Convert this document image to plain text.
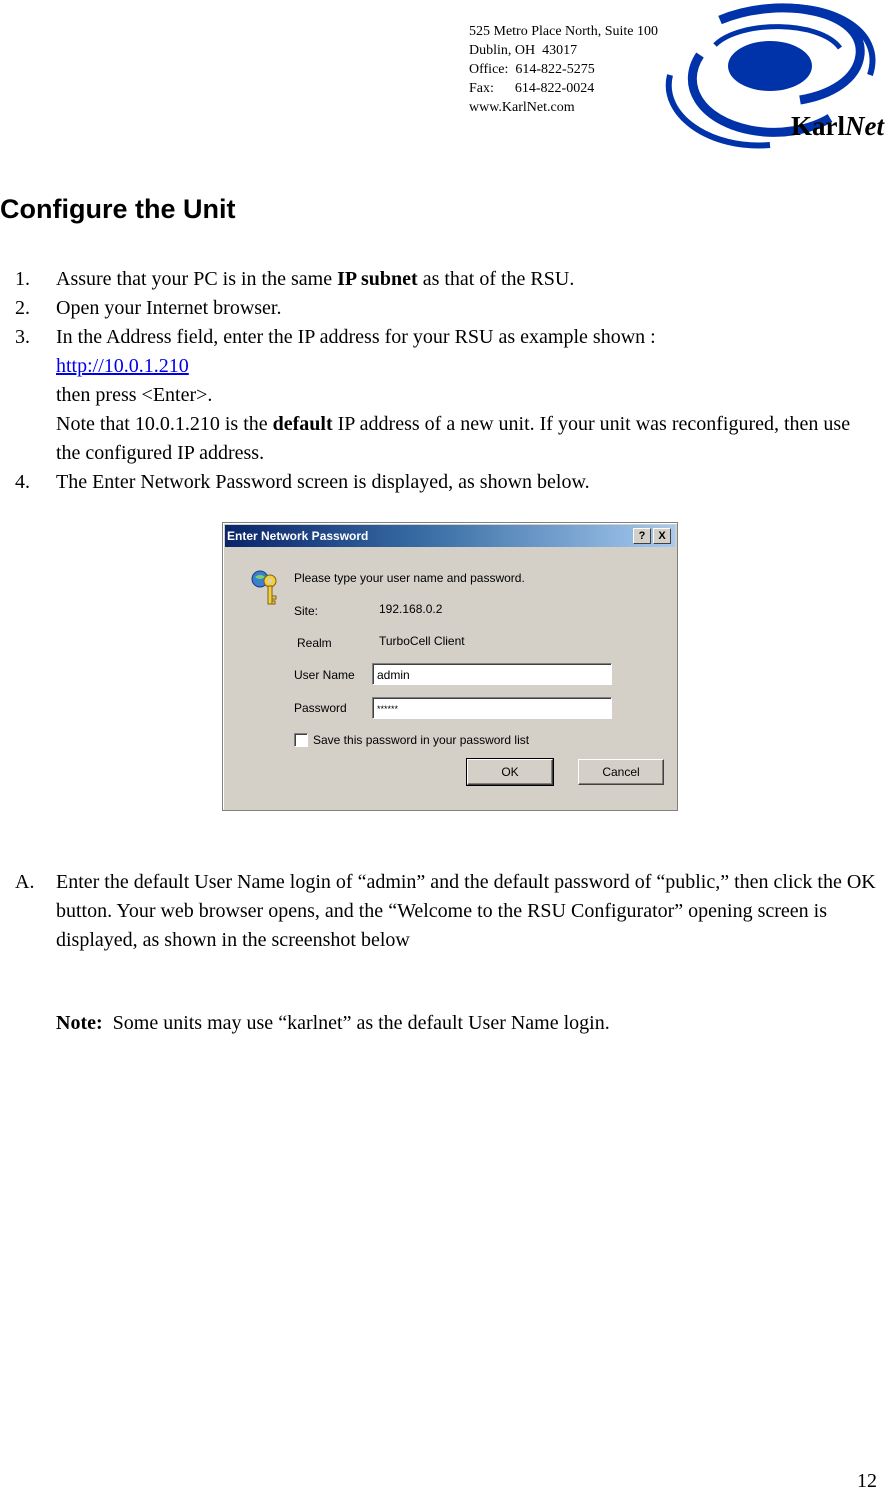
525 Metro Place North, Suite 100
Dublin, OH  43017
Office:  614-822-5275
Fax:      614-822-0024
www.KarlNet.com
KarlNet
Configure the Unit
1.	Assure that your PC is in the same IP subnet as that of the RSU.
2.	Open your Internet browser.
3.	In the Address field, enter the IP address for your RSU as example shown :
http://10.0.1.210
then press <Enter>.
Note that 10.0.1.210 is the default IP address of a new unit. If your unit was reconfigured, then use the configured IP address.
4.	The Enter Network Password screen is displayed, as shown below.
Enter Network Password	?	X
Please type your user name and password.
Site:	192.168.0.2
Realm	TurboCell Client
User Name	admin
Password	******
Save this password in your password list
OK	Cancel
A.	Enter the default User Name login of “admin” and the default password of “public,” then click the OK button. Your web browser opens, and the “Welcome to the RSU Configurator” opening screen is displayed, as shown in the screenshot below
Note:  Some units may use “karlnet” as the default User Name login.
12
